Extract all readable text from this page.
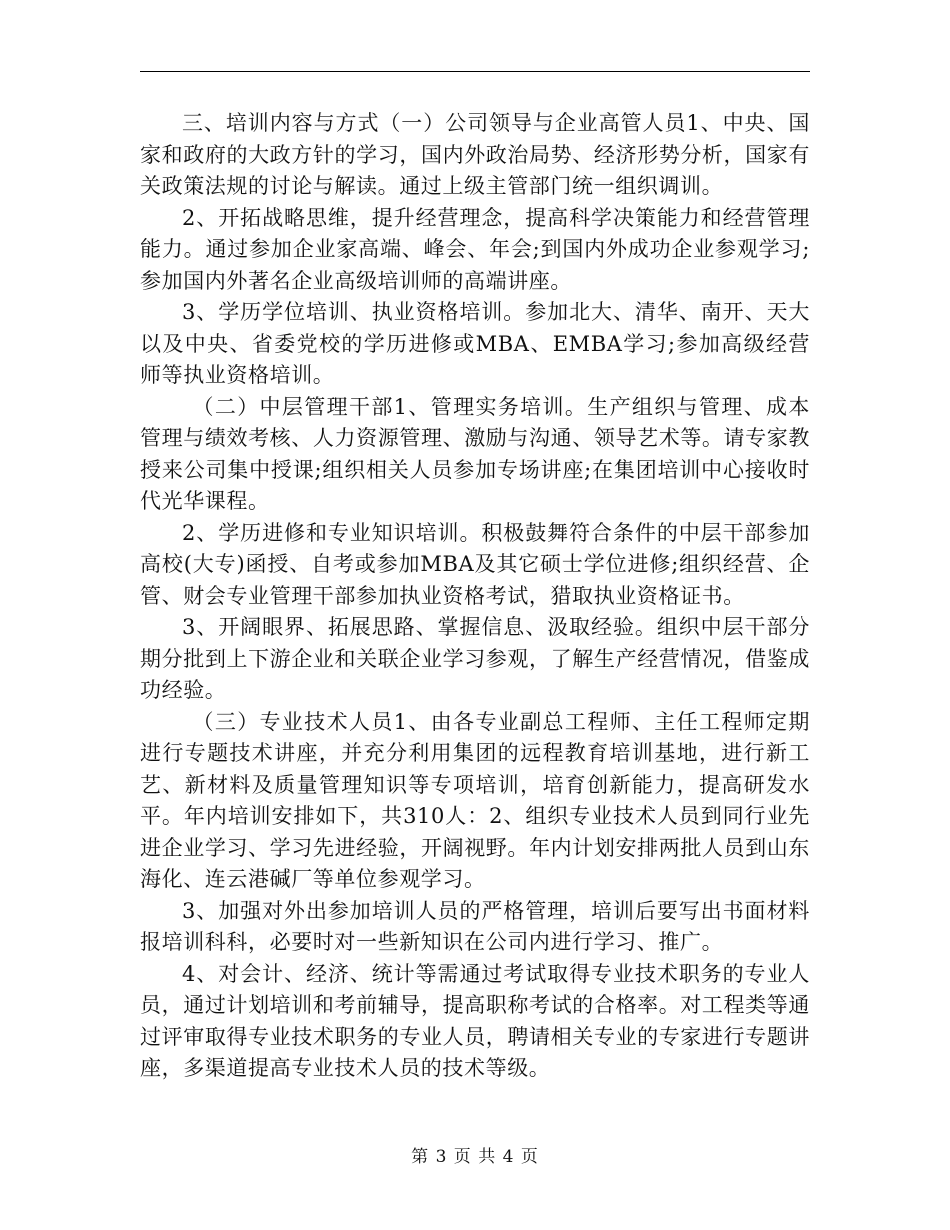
三、培训内容与方式（一）公司领导与企业高管人员1、中央、国家和政府的大政方针的学习，国内外政治局势、经济形势分析，国家有关政策法规的讨论与解读。通过上级主管部门统一组织调训。

2、开拓战略思维，提升经营理念，提高科学决策能力和经营管理能力。通过参加企业家高端、峰会、年会;到国内外成功企业参观学习;参加国内外著名企业高级培训师的高端讲座。

3、学历学位培训、执业资格培训。参加北大、清华、南开、天大以及中央、省委党校的学历进修或MBA、EMBA学习;参加高级经营师等执业资格培训。

（二）中层管理干部1、管理实务培训。生产组织与管理、成本管理与绩效考核、人力资源管理、激励与沟通、领导艺术等。请专家教授来公司集中授课;组织相关人员参加专场讲座;在集团培训中心接收时代光华课程。

2、学历进修和专业知识培训。积极鼓舞符合条件的中层干部参加高校(大专)函授、自考或参加MBA及其它硕士学位进修;组织经营、企管、财会专业管理干部参加执业资格考试，猎取执业资格证书。

3、开阔眼界、拓展思路、掌握信息、汲取经验。组织中层干部分期分批到上下游企业和关联企业学习参观，了解生产经营情况，借鉴成功经验。

（三）专业技术人员1、由各专业副总工程师、主任工程师定期进行专题技术讲座，并充分利用集团的远程教育培训基地，进行新工艺、新材料及质量管理知识等专项培训，培育创新能力，提高研发水平。年内培训安排如下，共310人：2、组织专业技术人员到同行业先进企业学习、学习先进经验，开阔视野。年内计划安排两批人员到山东海化、连云港碱厂等单位参观学习。

3、加强对外出参加培训人员的严格管理，培训后要写出书面材料报培训科科，必要时对一些新知识在公司内进行学习、推广。

4、对会计、经济、统计等需通过考试取得专业技术职务的专业人员，通过计划培训和考前辅导，提高职称考试的合格率。对工程类等通过评审取得专业技术职务的专业人员，聘请相关专业的专家进行专题讲座，多渠道提高专业技术人员的技术等级。

第 3 页 共 4 页
